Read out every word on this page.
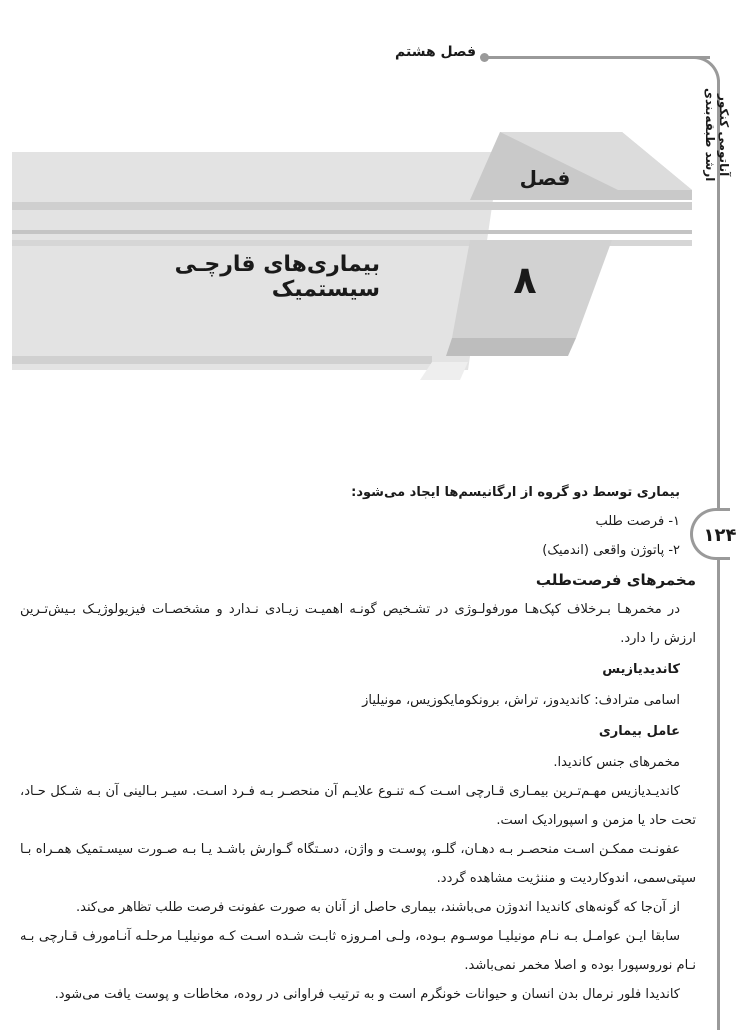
فصل هشتم
آناتومی کنکور ارشد طبقه‌بندی
۱۲۴
فصل
۸
بیماری‌های قارچـی سیستمیک

بیماری توسط دو گروه از ارگانیسم‌ها ایجاد می‌شود:

۱- فرصت طلب

۲- پاتوژن واقعی (اندمیک)

مخمرهای فرصت‌طلب

در مخمرهـا بـرخلاف کپک‌هـا مورفولـوژی در تشـخیص گونـه اهمیـت زیـادی نـدارد و مشخصـات فیزیولوژیـک بـیش‌تـرین ارزش را دارد.

کاندیدیازیس

اسامی مترادف: کاندیدوز، تراش، برونکومایکوزیس، مونیلیاز

عامل بیماری

مخمرهای جنس کاندیدا.

کاندیـدیازیس مهـم‌تـرین بیمـاری قـارچی اسـت کـه تنـوع علایـم آن منحصـر بـه فـرد اسـت. سیـر بـالینی آن بـه شـکل حـاد، تحت حاد یا مزمن و اسپورادیک است.

عفونـت ممکـن اسـت منحصـر بـه دهـان، گلـو، پوسـت و واژن، دسـتگاه گـوارش باشـد یـا بـه صـورت سیسـتمیک همـراه بـا سپتی‌سمی، اندوکاردیت و مننژیت مشاهده گردد.

از آن‌جا که گونه‌های کاندیدا اندوژن می‌باشند، بیماری حاصل از آنان به صورت عفونت فرصت طلب تظاهر می‌کند.

سابقا ایـن عوامـل بـه نـام مونیلیـا موسـوم بـوده، ولـی امـروزه ثابـت شـده اسـت کـه مونیلیـا مرحلـه آنـامورف قـارچی بـه نـام نوروسپورا بوده و اصلا مخمر نمی‌باشد.

کاندیدا فلور نرمال بدن انسان و حیوانات خونگرم است و به ترتیب فراوانی در روده، مخاطات و پوست یافت می‌شود.
